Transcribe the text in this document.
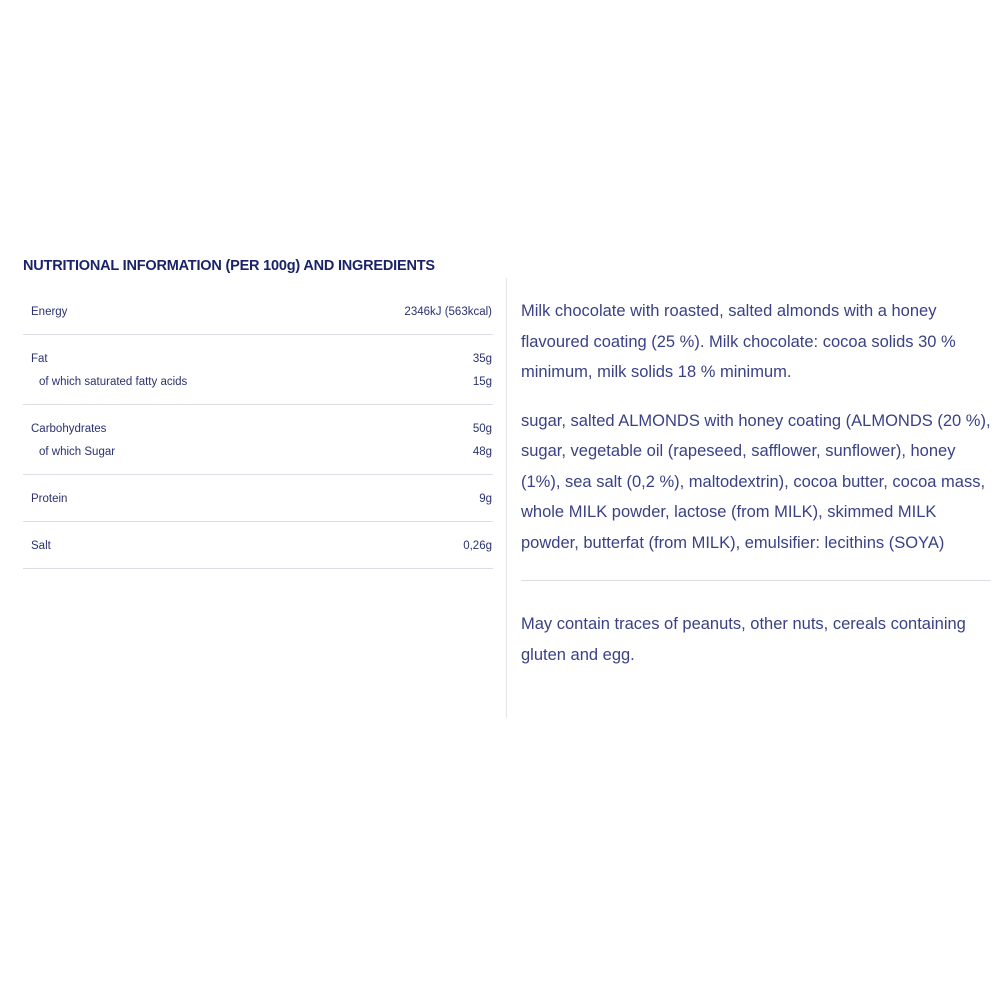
NUTRITIONAL INFORMATION (PER 100g) AND INGREDIENTS
Energy	2346kJ (563kcal)
Fat	35g
of which saturated fatty acids	15g
Carbohydrates	50g
of which Sugar	48g
Protein	9g
Salt	0,26g

Milk chocolate with roasted, salted almonds with a honey flavoured coating (25 %). Milk chocolate: cocoa solids 30 % minimum, milk solids 18 % minimum.

sugar, salted ALMONDS with honey coating (ALMONDS (20 %), sugar, vegetable oil (rapeseed, safflower, sunflower), honey (1%), sea salt (0,2 %), maltodextrin), cocoa butter, cocoa mass, whole MILK powder, lactose (from MILK), skimmed MILK powder, butterfat (from MILK), emulsifier: lecithins (SOYA)

May contain traces of peanuts, other nuts, cereals containing gluten and egg.
